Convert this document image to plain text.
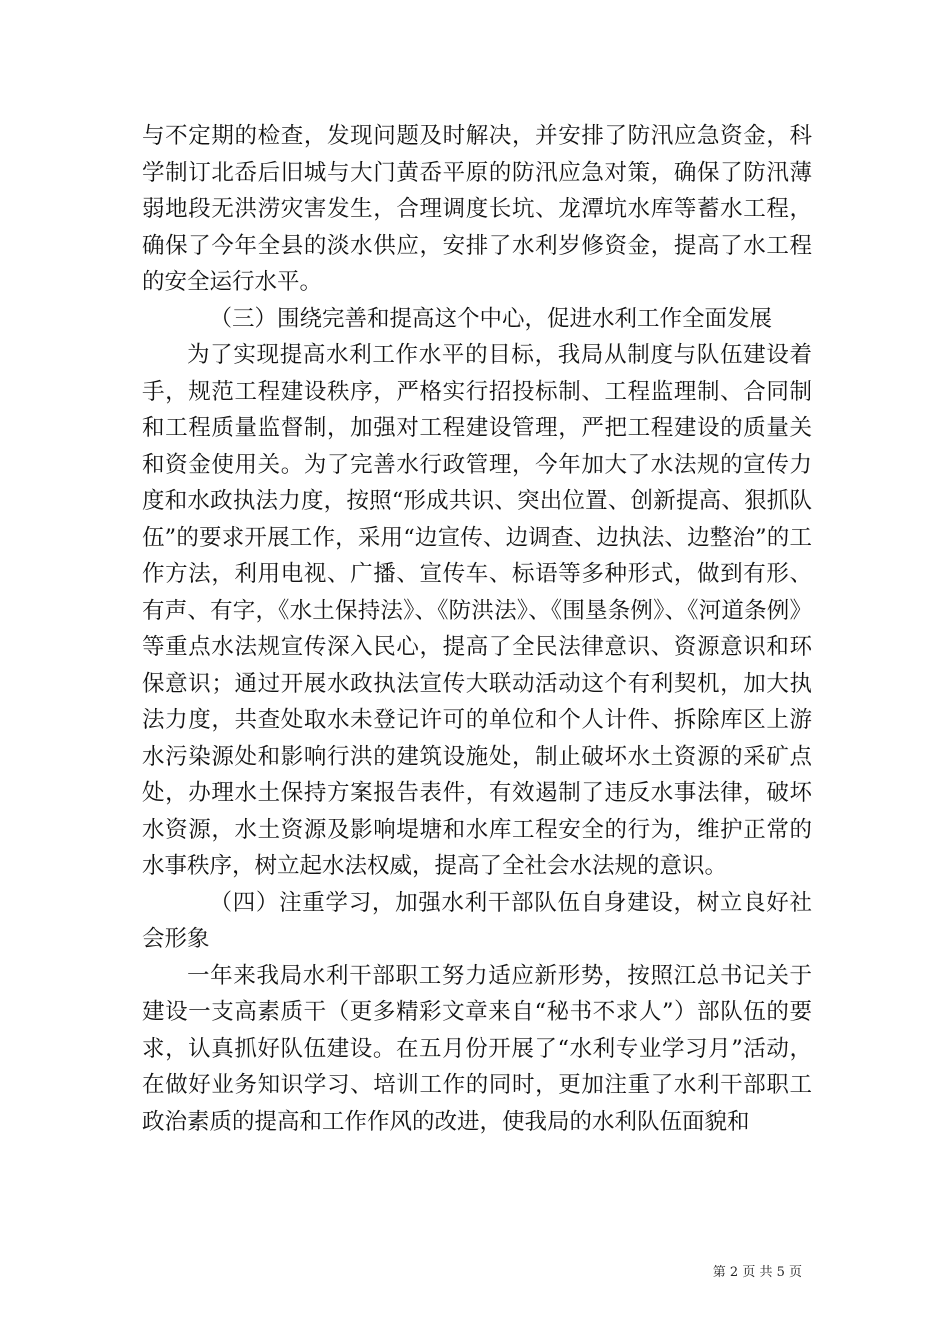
与不定期的检查，发现问题及时解决，并安排了防汛应急资金，科学制订北岙后旧城与大门黄岙平原的防汛应急对策，确保了防汛薄弱地段无洪涝灾害发生，合理调度长坑、龙潭坑水库等蓄水工程，确保了今年全县的淡水供应，安排了水利岁修资金，提高了水工程的安全运行水平。

（三）围绕完善和提高这个中心，促进水利工作全面发展

为了实现提高水利工作水平的目标，我局从制度与队伍建设着手，规范工程建设秩序，严格实行招投标制、工程监理制、合同制和工程质量监督制，加强对工程建设管理，严把工程建设的质量关和资金使用关。为了完善水行政管理，今年加大了水法规的宣传力度和水政执法力度，按照“形成共识、突出位置、创新提高、狠抓队伍”的要求开展工作，采用“边宣传、边调查、边执法、边整治”的工作方法，利用电视、广播、宣传车、标语等多种形式，做到有形、有声、有字，《水土保持法》、《防洪法》、《围垦条例》、《河道条例》等重点水法规宣传深入民心，提高了全民法律意识、资源意识和环保意识；通过开展水政执法宣传大联动活动这个有利契机，加大执法力度，共查处取水未登记许可的单位和个人计件、拆除库区上游水污染源处和影响行洪的建筑设施处，制止破坏水土资源的采矿点处，办理水土保持方案报告表件，有效遏制了违反水事法律，破坏水资源，水土资源及影响堤塘和水库工程安全的行为，维护正常的水事秩序，树立起水法权威，提高了全社会水法规的意识。

（四）注重学习，加强水利干部队伍自身建设，树立良好社会形象

一年来我局水利干部职工努力适应新形势，按照江总书记关于建设一支高素质干（更多精彩文章来自“秘书不求人”）部队伍的要求，认真抓好队伍建设。在五月份开展了“水利专业学习月”活动，在做好业务知识学习、培训工作的同时，更加注重了水利干部职工政治素质的提高和工作作风的改进，使我局的水利队伍面貌和

第 2 页 共 5 页
